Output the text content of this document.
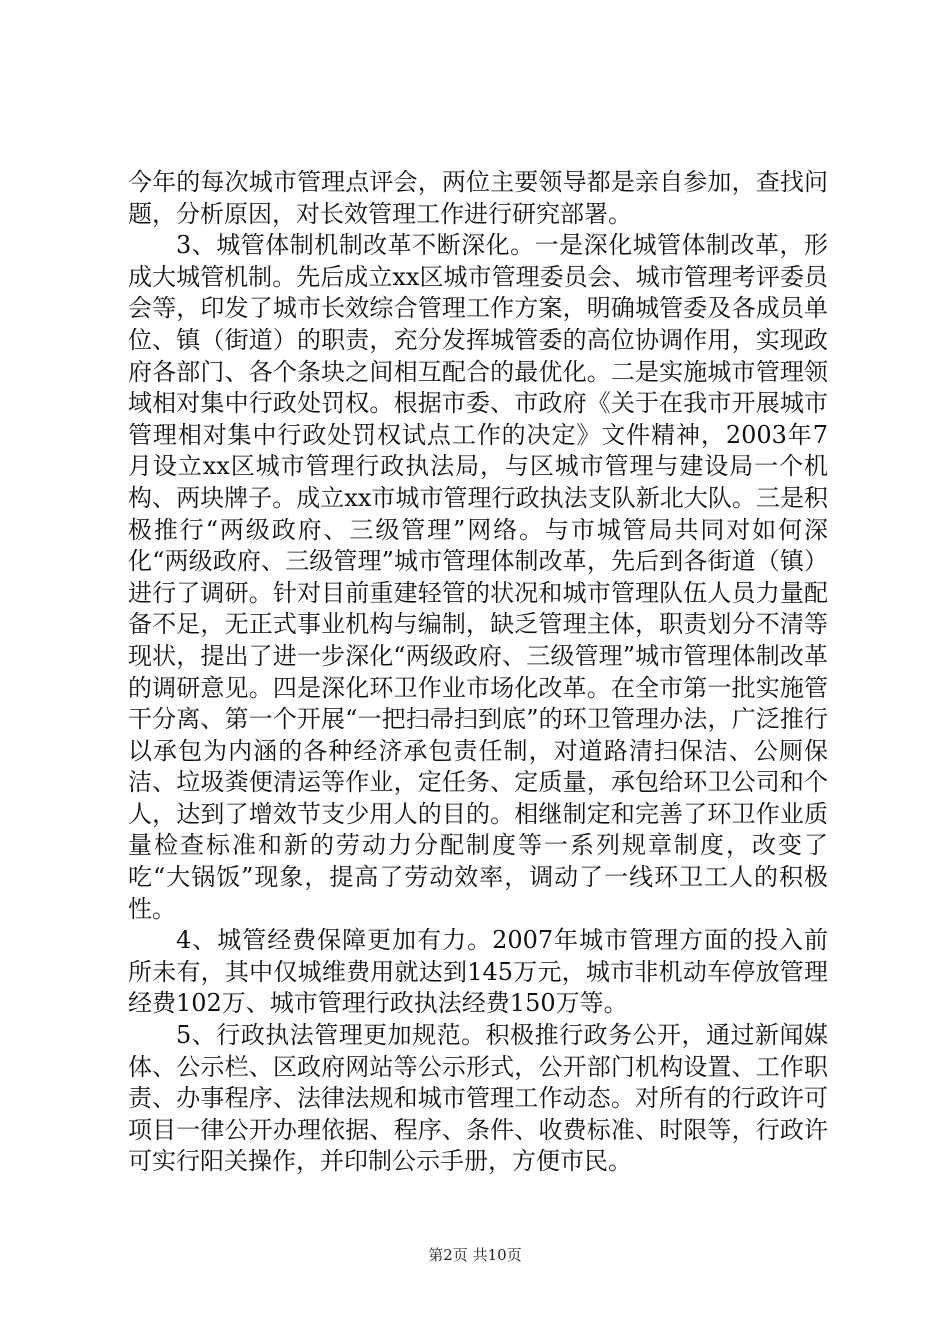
今年的每次城市管理点评会，两位主要领导都是亲自参加，查找问题，分析原因，对长效管理工作进行研究部署。

3、城管体制机制改革不断深化。一是深化城管体制改革，形成大城管机制。先后成立xx区城市管理委员会、城市管理考评委员会等，印发了城市长效综合管理工作方案，明确城管委及各成员单位、镇（街道）的职责，充分发挥城管委的高位协调作用，实现政府各部门、各个条块之间相互配合的最优化。二是实施城市管理领域相对集中行政处罚权。根据市委、市政府《关于在我市开展城市管理相对集中行政处罚权试点工作的决定》文件精神，2003年7月设立xx区城市管理行政执法局，与区城市管理与建设局一个机构、两块牌子。成立xx市城市管理行政执法支队新北大队。三是积极推行“两级政府、三级管理”网络。与市城管局共同对如何深化“两级政府、三级管理”城市管理体制改革，先后到各街道（镇）进行了调研。针对目前重建轻管的状况和城市管理队伍人员力量配备不足，无正式事业机构与编制，缺乏管理主体，职责划分不清等现状，提出了进一步深化“两级政府、三级管理”城市管理体制改革的调研意见。四是深化环卫作业市场化改革。在全市第一批实施管干分离、第一个开展“一把扫帚扫到底”的环卫管理办法，广泛推行以承包为内涵的各种经济承包责任制，对道路清扫保洁、公厕保洁、垃圾粪便清运等作业，定任务、定质量，承包给环卫公司和个人，达到了增效节支少用人的目的。相继制定和完善了环卫作业质量检查标准和新的劳动力分配制度等一系列规章制度，改变了吃“大锅饭”现象，提高了劳动效率，调动了一线环卫工人的积极性。

4、城管经费保障更加有力。2007年城市管理方面的投入前所未有，其中仅城维费用就达到145万元，城市非机动车停放管理经费102万、城市管理行政执法经费150万等。

5、行政执法管理更加规范。积极推行政务公开，通过新闻媒体、公示栏、区政府网站等公示形式，公开部门机构设置、工作职责、办事程序、法律法规和城市管理工作动态。对所有的行政许可项目一律公开办理依据、程序、条件、收费标准、时限等，行政许可实行阳关操作，并印制公示手册，方便市民。

第2页 共10页
